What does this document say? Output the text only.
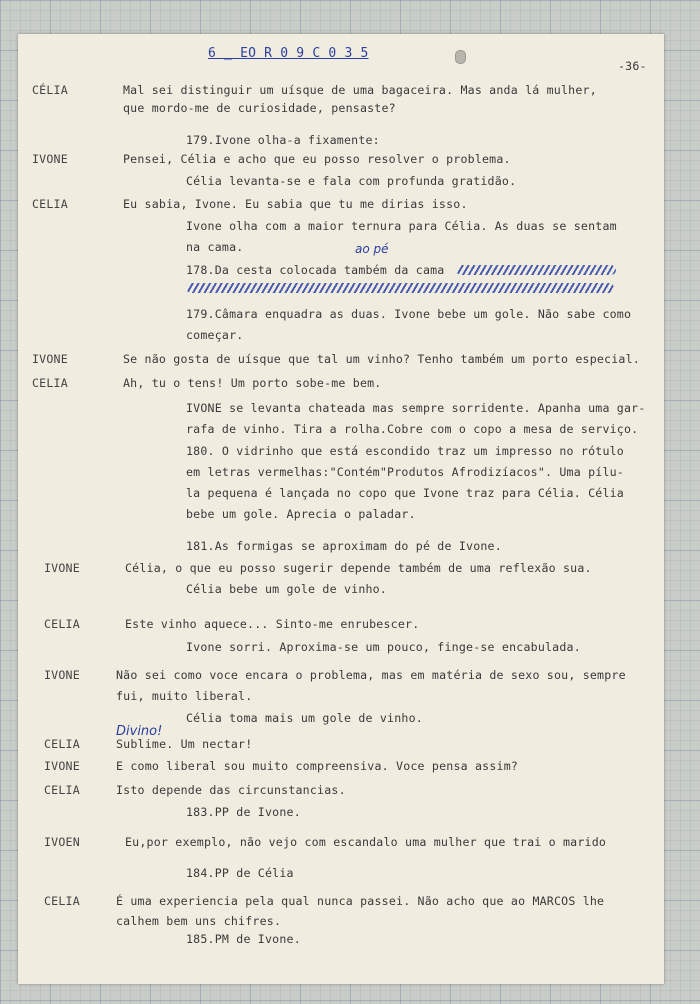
6 _ EO R 0 9 C 0 3 5
-36-
CÉLIA	Mal sei distinguir um uísque de uma bagaceira. Mas anda lá mulher,
que mordo-me de curiosidade, pensaste?
179.Ivone olha-a fixamente:
IVONE	Pensei, Célia e acho que eu posso resolver o problema.
Célia levanta-se e fala com profunda gratidão.
CELIA	Eu sabia, Ivone. Eu sabia que tu me dirias isso.
Ivone olha com a maior ternura para Célia. As duas se sentam
na cama.	ao pé
178.Da cesta colocada também da cama
179.Câmara enquadra as duas. Ivone bebe um gole. Não sabe como
começar.
IVONE	Se não gosta de uísque que tal um vinho? Tenho também um porto especial.
CELIA	Ah, tu o tens! Um porto sobe-me bem.
IVONE se levanta chateada mas sempre sorridente. Apanha uma gar-
rafa de vinho. Tira a rolha.Cobre com o copo a mesa de serviço.
180. O vidrinho que está escondido traz um impresso no rótulo
em letras vermelhas:"Contém"Produtos Afrodizíacos". Uma pílu-
la pequena é lançada no copo que Ivone traz para Célia. Célia
bebe um gole. Aprecia o paladar.
181.As formigas se aproximam do pé de Ivone.
IVONE	Célia, o que eu posso sugerir depende também de uma reflexão sua.
Célia bebe um gole de vinho.
CELIA	Este vinho aquece... Sinto-me enrubescer.
Ivone sorri. Aproxima-se um pouco, finge-se encabulada.
IVONE	Não sei como voce encara o problema, mas em matéria de sexo sou, sempre
fui, muito liberal.
Célia toma mais um gole de vinho.
Divino!
CELIA	Sublime. Um nectar!
IVONE	E como liberal sou muito compreensiva. Voce pensa assim?
CELIA	Isto depende das circunstancias.
183.PP de Ivone.
IVOEN	Eu,por exemplo, não vejo com escandalo uma mulher que trai o marido
184.PP de Célia
CELIA	É uma experiencia pela qual nunca passei. Não acho que ao MARCOS lhe
calhem bem uns chifres.
185.PM de Ivone.
